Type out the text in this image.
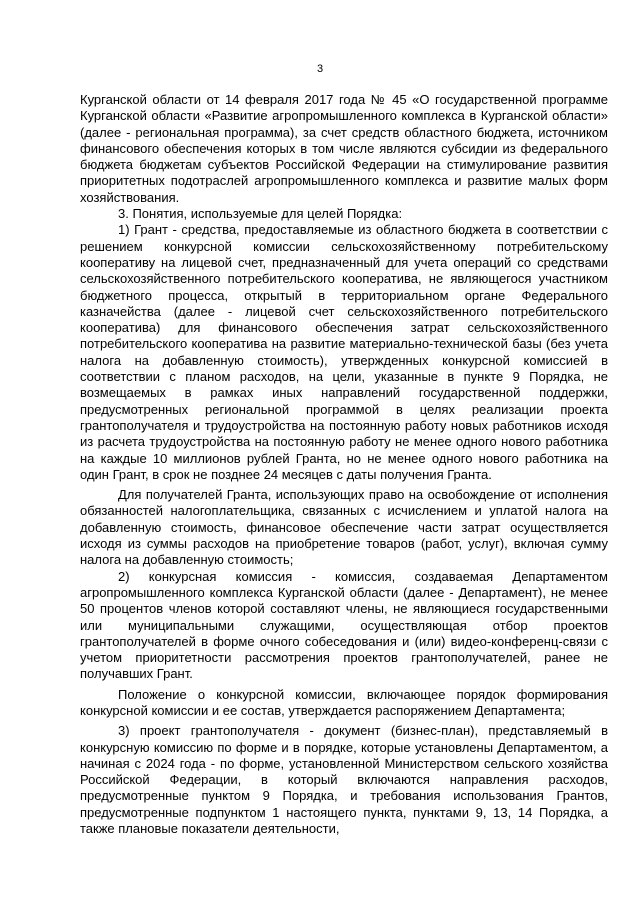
3

Курганской области от 14 февраля 2017 года № 45 «О государственной программе Курганской области «Развитие агропромышленного комплекса в Курганской области» (далее - региональная программа), за счет средств областного бюджета, источником финансового обеспечения которых в том числе являются субсидии из федерального бюджета бюджетам субъектов Российской Федерации на стимулирование развития приоритетных подотраслей агропромышленного комплекса и развитие малых форм хозяйствования.

3. Понятия, используемые для целей Порядка:

1) Грант - средства, предоставляемые из областного бюджета в соответствии с решением конкурсной комиссии сельскохозяйственному потребительскому кооперативу на лицевой счет, предназначенный для учета операций со средствами сельскохозяйственного потребительского кооператива, не являющегося участником бюджетного процесса, открытый в территориальном органе Федерального казначейства (далее - лицевой счет сельскохозяйственного потребительского кооператива) для финансового обеспечения затрат сельскохозяйственного потребительского кооператива на развитие материально-технической базы (без учета налога на добавленную стоимость), утвержденных конкурсной комиссией в соответствии с планом расходов, на цели, указанные в пункте 9 Порядка, не возмещаемых в рамках иных направлений государственной поддержки, предусмотренных региональной программой в целях реализации проекта грантополучателя и трудоустройства на постоянную работу новых работников исходя из расчета трудоустройства на постоянную работу не менее одного нового работника на каждые 10 миллионов рублей Гранта, но не менее одного нового работника на один Грант, в срок не позднее 24 месяцев с даты получения Гранта.

Для получателей Гранта, использующих право на освобождение от исполнения обязанностей налогоплательщика, связанных с исчислением и уплатой налога на добавленную стоимость, финансовое обеспечение части затрат осуществляется исходя из суммы расходов на приобретение товаров (работ, услуг), включая сумму налога на добавленную стоимость;

2) конкурсная комиссия - комиссия, создаваемая Департаментом агропромышленного комплекса Курганской области (далее - Департамент), не менее 50 процентов членов которой составляют члены, не являющиеся государственными или муниципальными служащими, осуществляющая отбор проектов грантополучателей в форме очного собеседования и (или) видео-конференц-связи с учетом приоритетности рассмотрения проектов грантополучателей, ранее не получавших Грант.

Положение о конкурсной комиссии, включающее порядок формирования конкурсной комиссии и ее состав, утверждается распоряжением Департамента;

3) проект грантополучателя - документ (бизнес-план), представляемый в конкурсную комиссию по форме и в порядке, которые установлены Департаментом, а начиная с 2024 года - по форме, установленной Министерством сельского хозяйства Российской Федерации, в который включаются направления расходов, предусмотренные пунктом 9 Порядка, и требования использования Грантов, предусмотренные подпунктом 1 настоящего пункта, пунктами 9, 13, 14 Порядка, а также плановые показатели деятельности,
